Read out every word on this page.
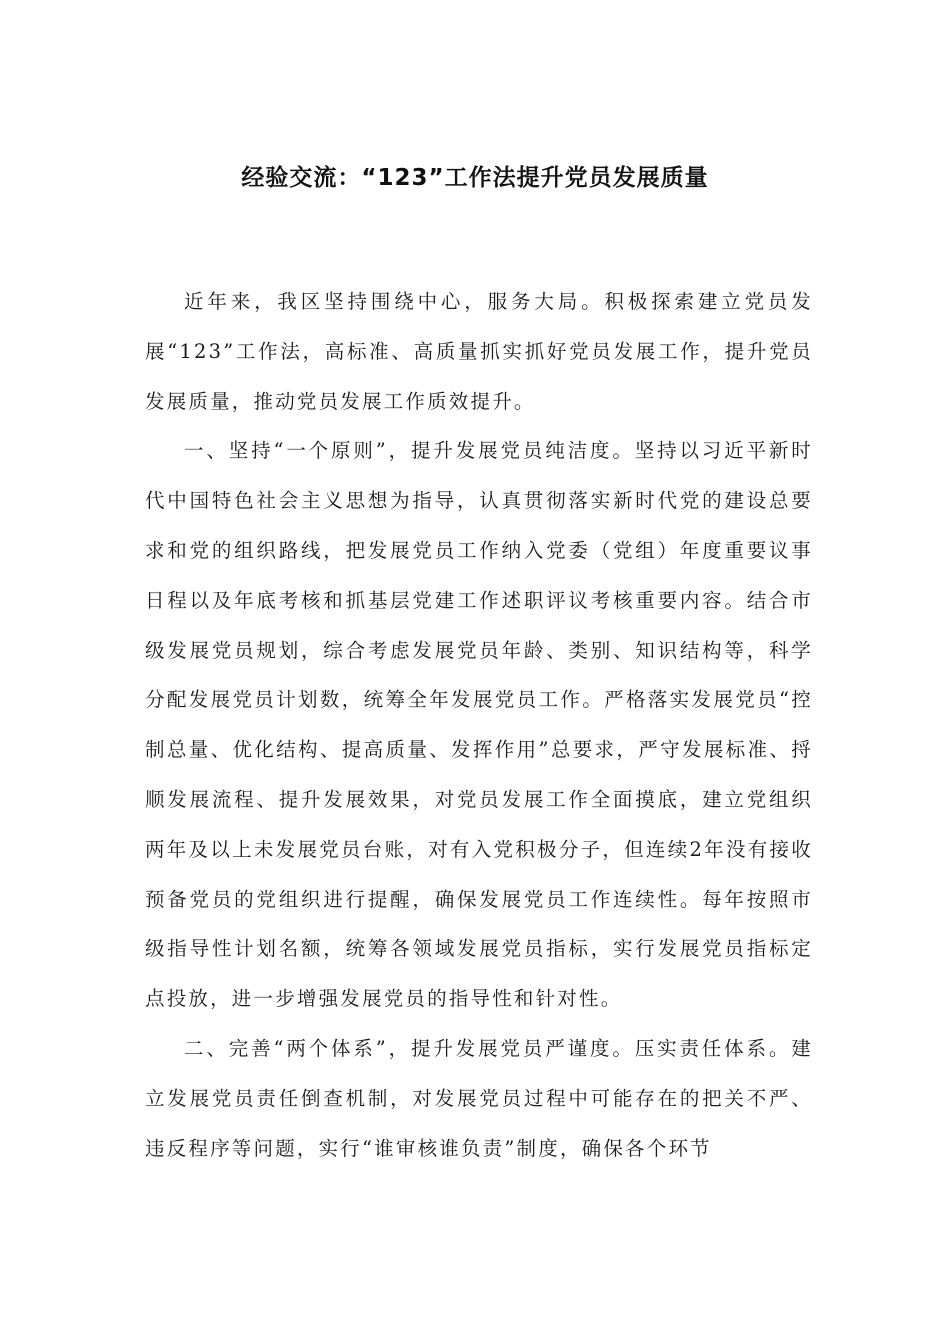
经验交流：“123”工作法提升党员发展质量

近年来，我区坚持围绕中心，服务大局。积极探索建立党员发展“123”工作法，高标准、高质量抓实抓好党员发展工作，提升党员发展质量，推动党员发展工作质效提升。

一、坚持“一个原则”，提升发展党员纯洁度。坚持以习近平新时代中国特色社会主义思想为指导，认真贯彻落实新时代党的建设总要求和党的组织路线，把发展党员工作纳入党委（党组）年度重要议事日程以及年底考核和抓基层党建工作述职评议考核重要内容。结合市级发展党员规划，综合考虑发展党员年龄、类别、知识结构等，科学分配发展党员计划数，统筹全年发展党员工作。严格落实发展党员“控制总量、优化结构、提高质量、发挥作用”总要求，严守发展标准、捋顺发展流程、提升发展效果，对党员发展工作全面摸底，建立党组织两年及以上未发展党员台账，对有入党积极分子，但连续2年没有接收预备党员的党组织进行提醒，确保发展党员工作连续性。每年按照市级指导性计划名额，统筹各领域发展党员指标，实行发展党员指标定点投放，进一步增强发展党员的指导性和针对性。

二、完善“两个体系”，提升发展党员严谨度。压实责任体系。建立发展党员责任倒查机制，对发展党员过程中可能存在的把关不严、违反程序等问题，实行“谁审核谁负责”制度，确保各个环节
